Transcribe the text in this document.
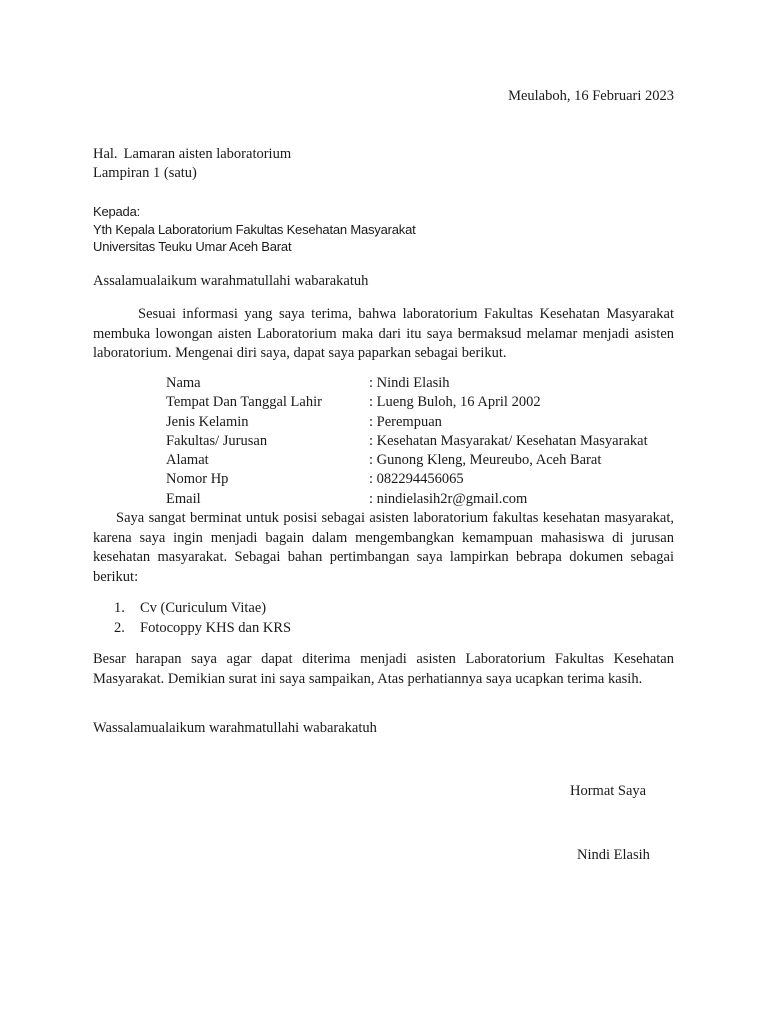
Meulaboh, 16 Februari 2023
Hal. Lamaran aisten laboratorium
Lampiran 1 (satu)
Kepada:
Yth Kepala Laboratorium Fakultas Kesehatan Masyarakat
Universitas Teuku Umar Aceh Barat
Assalamualaikum warahmatullahi wabarakatuh
Sesuai informasi yang saya terima, bahwa laboratorium Fakultas Kesehatan Masyarakat membuka lowongan aisten Laboratorium maka dari itu saya bermaksud melamar menjadi asisten laboratorium. Mengenai diri saya, dapat saya paparkan sebagai berikut.
Nama	: Nindi Elasih
Tempat Dan Tanggal Lahir	: Lueng Buloh, 16 April 2002
Jenis Kelamin	: Perempuan
Fakultas/ Jurusan	: Kesehatan Masyarakat/ Kesehatan Masyarakat
Alamat	: Gunong Kleng, Meureubo, Aceh Barat
Nomor Hp	: 082294456065
Email	: nindielasih2r@gmail.com
Saya sangat berminat untuk posisi sebagai asisten laboratorium fakultas kesehatan masyarakat, karena saya ingin menjadi bagain dalam mengembangkan kemampuan mahasiswa di jurusan kesehatan masyarakat. Sebagai bahan pertimbangan saya lampirkan bebrapa dokumen sebagai berikut:
1.	Cv (Curiculum Vitae)
2.	Fotocoppy KHS dan KRS
Besar harapan saya agar dapat diterima menjadi asisten Laboratorium Fakultas Kesehatan Masyarakat. Demikian surat ini saya sampaikan, Atas perhatiannya saya ucapkan terima kasih.
Wassalamualaikum warahmatullahi wabarakatuh
Hormat Saya
Nindi Elasih
